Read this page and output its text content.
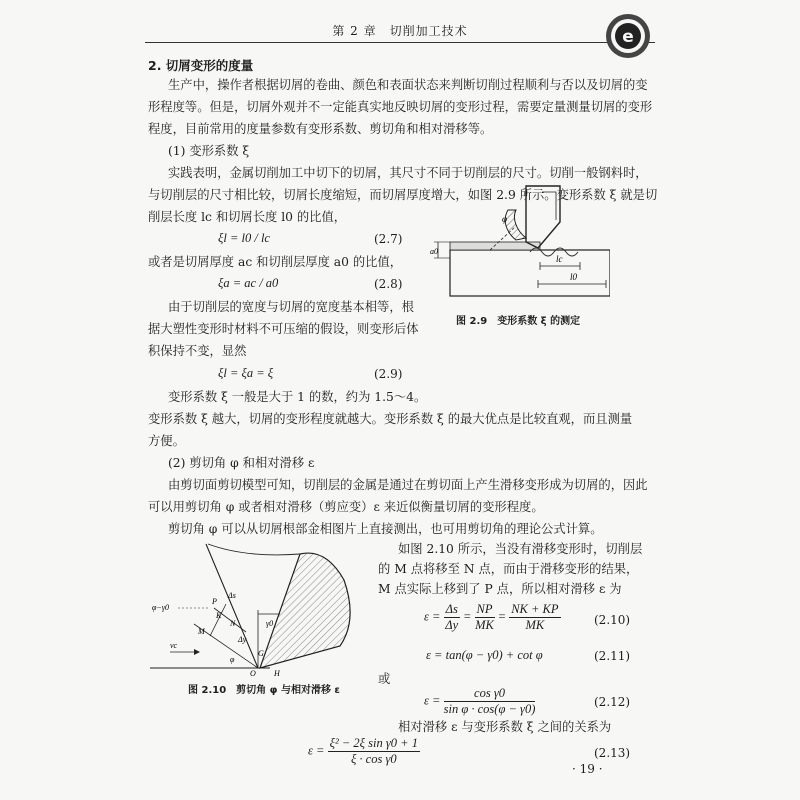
第 2 章　切削加工技术	e
2. 切屑变形的度量
生产中，操作者根据切屑的卷曲、颜色和表面状态来判断切削过程顺利与否以及切屑的变
形程度等。但是，切屑外观并不一定能真实地反映切屑的变形过程，需要定量测量切屑的变形
程度，目前常用的度量参数有变形系数、剪切角和相对滑移等。
(1) 变形系数 ξ
实践表明，金属切削加工中切下的切屑，其尺寸不同于切削层的尺寸。切削一般钢料时，
与切削层的尺寸相比较，切屑长度缩短，而切屑厚度增大，如图 2.9 所示。变形系数 ξ 就是切
削层长度 lc 和切屑长度 l0 的比值，
ξl = l0 / lc	(2.7)
或者是切屑厚度 ac 和切削层厚度 a0 的比值，
ξa = ac / a0	(2.8)
由于切削层的宽度与切屑的宽度基本相等，根
据大塑性变形时材料不可压缩的假设，则变形后体
积保持不变，显然
ξl = ξa = ξ	(2.9)
变形系数 ξ 一般是大于 1 的数，约为 1.5～4。
变形系数 ξ 越大，切屑的变形程度就越大。变形系数 ξ 的最大优点是比较直观，而且测量
方便。
φ
a0
lc
l0
图 2.9　变形系数 ξ 的测定
(2) 剪切角 φ 和相对滑移 ε
由剪切面剪切模型可知，切削层的金属是通过在剪切面上产生滑移变形成为切屑的，因此
可以用剪切角 φ 或者相对滑移（剪应变）ε 来近似衡量切屑的变形程度。
剪切角 φ 可以从切屑根部金相图片上直接测出，也可用剪切角的理论公式计算。
φ−γ0
P
K
N
M
Δs
Δy
γ0
G
vc
φ
O H
图 2.10　剪切角 φ 与相对滑移 ε
如图 2.10 所示，当没有滑移变形时，切削层
的 M 点将移至 N 点，而由于滑移变形的结果，
M 点实际上移到了 P 点，所以相对滑移 ε 为
$\varepsilon = \frac{\Delta s}{\Delta y} = \frac{NP}{MK} = \frac{NK + KP}{MK}$	(2.10)
ε = tan(φ − γ0) + cot φ	(2.11)
或
$\varepsilon = \frac{\text{cos γ0}}{\text{sin φ · cos(φ − γ0)}}$	(2.12)
相对滑移 ε 与变形系数 ξ 之间的关系为
$\varepsilon = \frac{\text{ξ² − 2ξ sin γ0 + 1}}{\text{ξ · cos γ0}}$	(2.13)
· 19 ·
